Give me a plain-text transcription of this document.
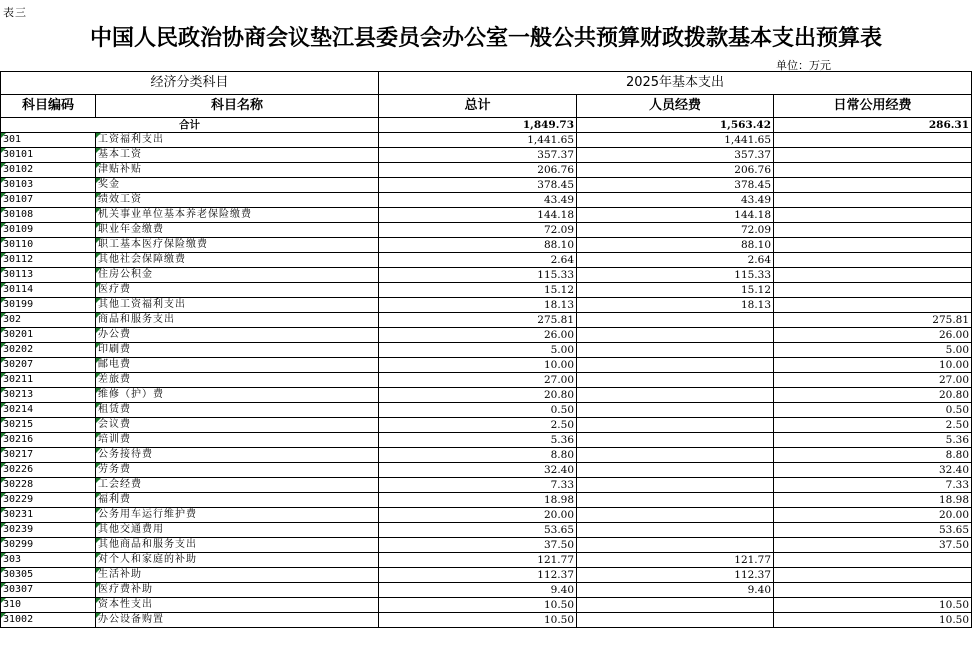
表三
中国人民政治协商会议垫江县委员会办公室一般公共预算财政拨款基本支出预算表
单位：万元
经济分类科目		2025年基本支出		
科目编码	科目名称	总计	人员经费	日常公用经费
合计		1,849.73	1,563.42	286.31
301	工资福利支出	1,441.65	1,441.65	
30101	基本工资	357.37	357.37	
30102	津贴补贴	206.76	206.76	
30103	奖金	378.45	378.45	
30107	绩效工资	43.49	43.49	
30108	机关事业单位基本养老保险缴费	144.18	144.18	
30109	职业年金缴费	72.09	72.09	
30110	职工基本医疗保险缴费	88.10	88.10	
30112	其他社会保障缴费	2.64	2.64	
30113	住房公积金	115.33	115.33	
30114	医疗费	15.12	15.12	
30199	其他工资福利支出	18.13	18.13	
302	商品和服务支出	275.81		275.81
30201	办公费	26.00		26.00
30202	印刷费	5.00		5.00
30207	邮电费	10.00		10.00
30211	差旅费	27.00		27.00
30213	维修（护）费	20.80		20.80
30214	租赁费	0.50		0.50
30215	会议费	2.50		2.50
30216	培训费	5.36		5.36
30217	公务接待费	8.80		8.80
30226	劳务费	32.40		32.40
30228	工会经费	7.33		7.33
30229	福利费	18.98		18.98
30231	公务用车运行维护费	20.00		20.00
30239	其他交通费用	53.65		53.65
30299	其他商品和服务支出	37.50		37.50
303	对个人和家庭的补助	121.77	121.77	
30305	生活补助	112.37	112.37	
30307	医疗费补助	9.40	9.40	
310	资本性支出	10.50		10.50
31002	办公设备购置	10.50		10.50
